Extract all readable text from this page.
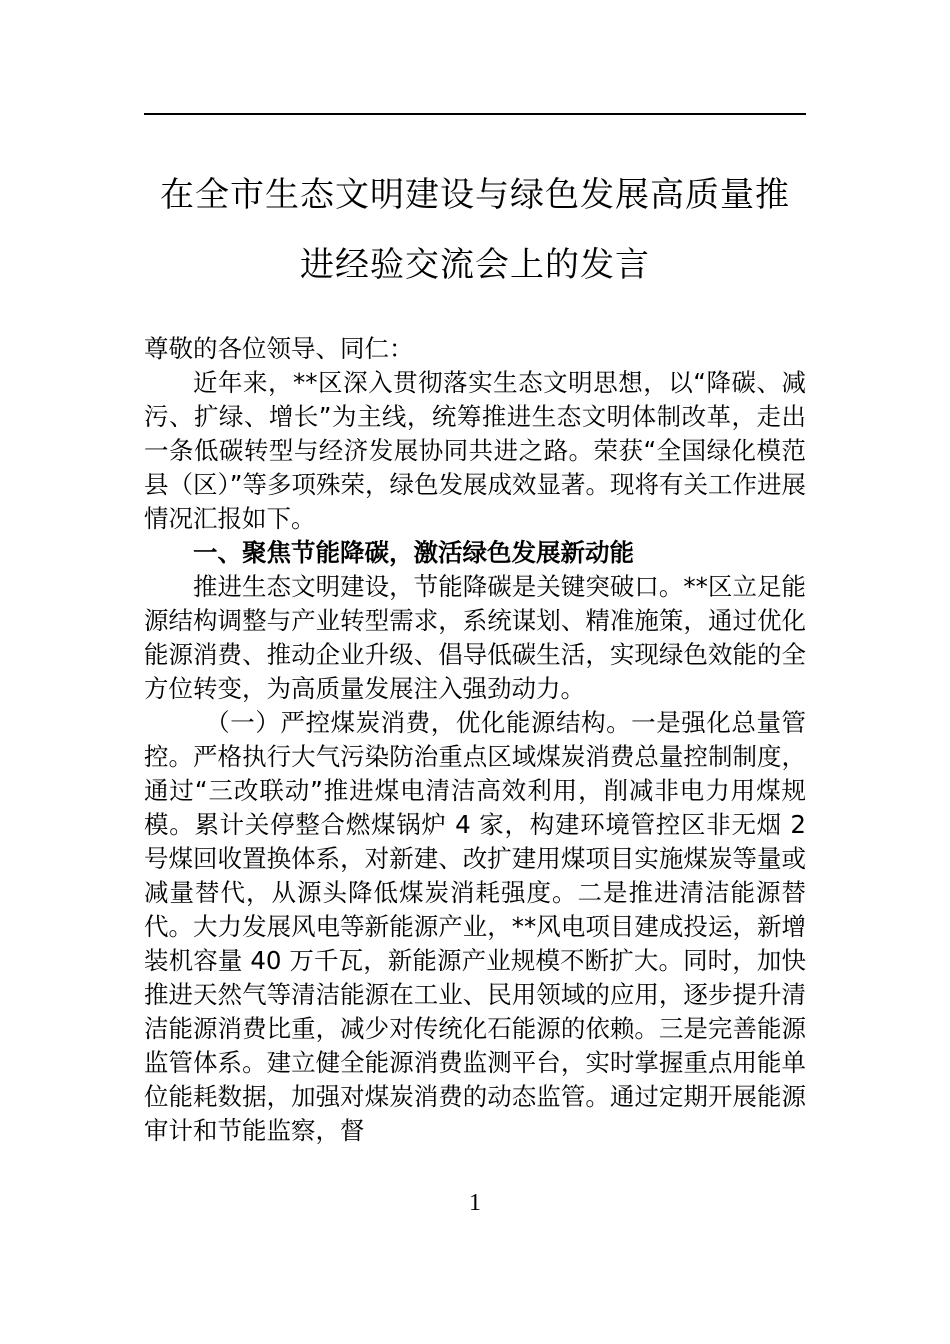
在全市生态文明建设与绿色发展高质量推
进经验交流会上的发言

尊敬的各位领导、同仁：

近年来，**区深入贯彻落实生态文明思想，以“降碳、减污、扩绿、增长”为主线，统筹推进生态文明体制改革，走出一条低碳转型与经济发展协同共进之路。荣获“全国绿化模范县（区）”等多项殊荣，绿色发展成效显著。现将有关工作进展情况汇报如下。

一、聚焦节能降碳，激活绿色发展新动能

推进生态文明建设，节能降碳是关键突破口。**区立足能源结构调整与产业转型需求，系统谋划、精准施策，通过优化能源消费、推动企业升级、倡导低碳生活，实现绿色效能的全方位转变，为高质量发展注入强劲动力。

（一）严控煤炭消费，优化能源结构。一是强化总量管控。严格执行大气污染防治重点区域煤炭消费总量控制制度，通过“三改联动”推进煤电清洁高效利用，削减非电力用煤规模。累计关停整合燃煤锅炉 4 家，构建环境管控区非无烟 2 号煤回收置换体系，对新建、改扩建用煤项目实施煤炭等量或减量替代，从源头降低煤炭消耗强度。二是推进清洁能源替代。大力发展风电等新能源产业，**风电项目建成投运，新增装机容量 40 万千瓦，新能源产业规模不断扩大。同时，加快推进天然气等清洁能源在工业、民用领域的应用，逐步提升清洁能源消费比重，减少对传统化石能源的依赖。三是完善能源监管体系。建立健全能源消费监测平台，实时掌握重点用能单位能耗数据，加强对煤炭消费的动态监管。通过定期开展能源审计和节能监察，督

1
